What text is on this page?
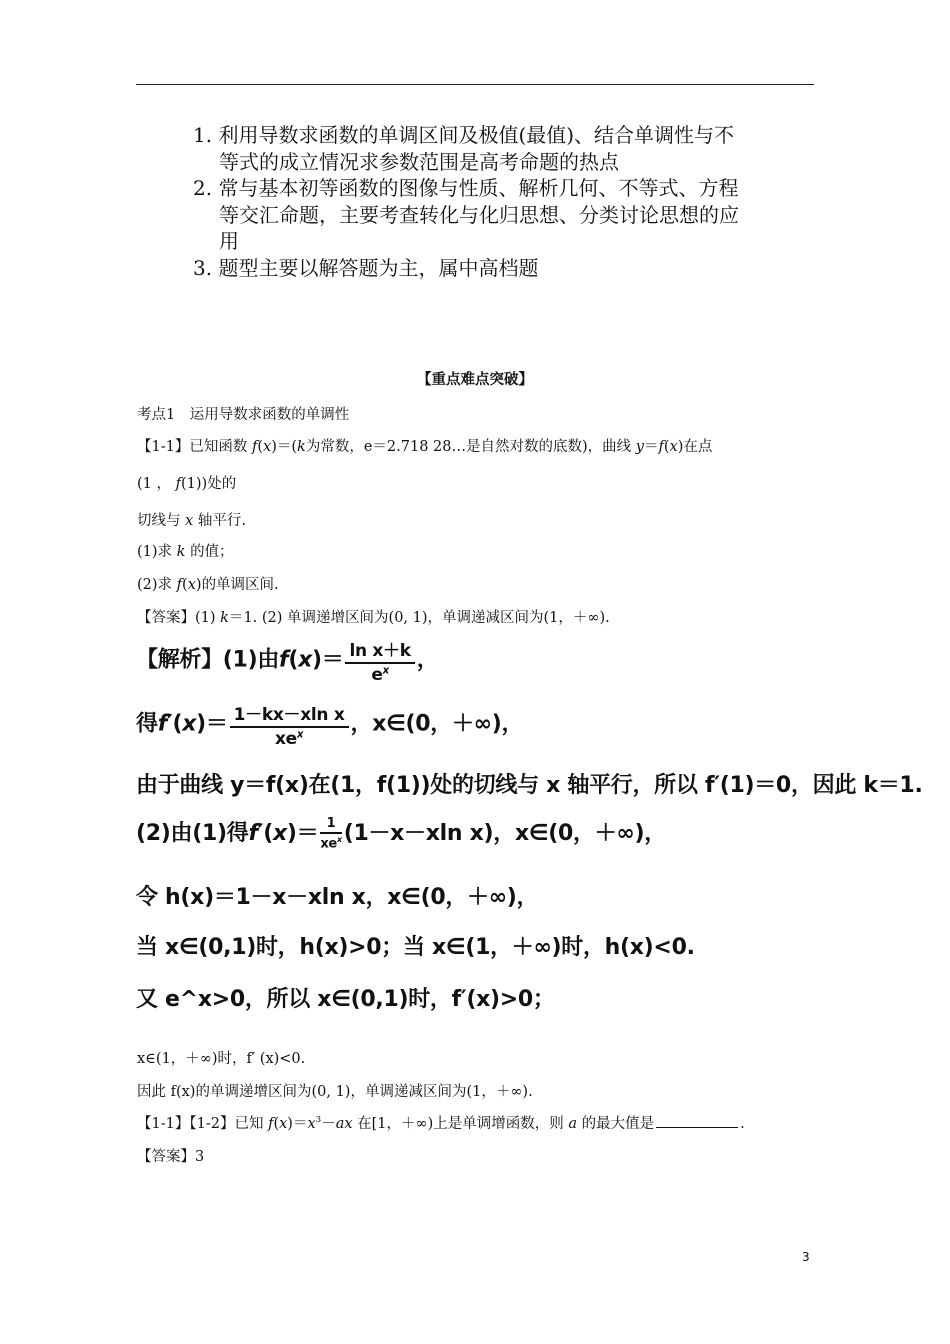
1. 利用导数求函数的单调区间及极值(最值)、结合单调性与不等式的成立情况求参数范围是高考命题的热点

2. 常与基本初等函数的图像与性质、解析几何、不等式、方程等交汇命题，主要考查转化与化归思想、分类讨论思想的应用

3. 题型主要以解答题为主，属中高档题

【重点难点突破】
考点1　运用导数求函数的单调性
【1-1】已知函数 f(x)＝(k为常数，e＝2.718 28…是自然对数的底数)，曲线 y＝f(x)在点
(1 ， f(1))处的
切线与 x 轴平行.
(1)求 k 的值；
(2)求 f(x)的单调区间.
【答案】(1) k＝1. (2) 单调递增区间为(0, 1)，单调递减区间为(1，＋∞).
【解析】(1)由$f(x)= \frac{\text{ln x＋k}}{e^x}$ ，
得$f'(x)= \frac{\text{1－kx－xln x}}{xe^x}$ ，x∈(0，＋∞)，
由于曲线 y＝f(x)在(1，f(1))处的切线与 x 轴平行，所以 f′(1)＝0，因此 k＝1.
(2)由(1)得$f'(x)= \frac{1}{xe^x} (1-x-xln$ x)，x∈(0，＋∞)，
令 h(x)＝1－x－xln x，x∈(0，＋∞)，
当 x∈(0,1)时，h(x)>0；当 x∈(1，＋∞)时，h(x)<0.
又 e^x>0，所以 x∈(0,1)时，f′(x)>0；
x∈(1，＋∞)时，f′ (x)<0.
因此 f(x)的单调递增区间为(0, 1)，单调递减区间为(1，＋∞).
【1-1】【1-2】已知 $f(x)=x^3-ax$ 在[1，＋∞)上是单调增函数，则 a 的最大值是	.
【答案】3
3
